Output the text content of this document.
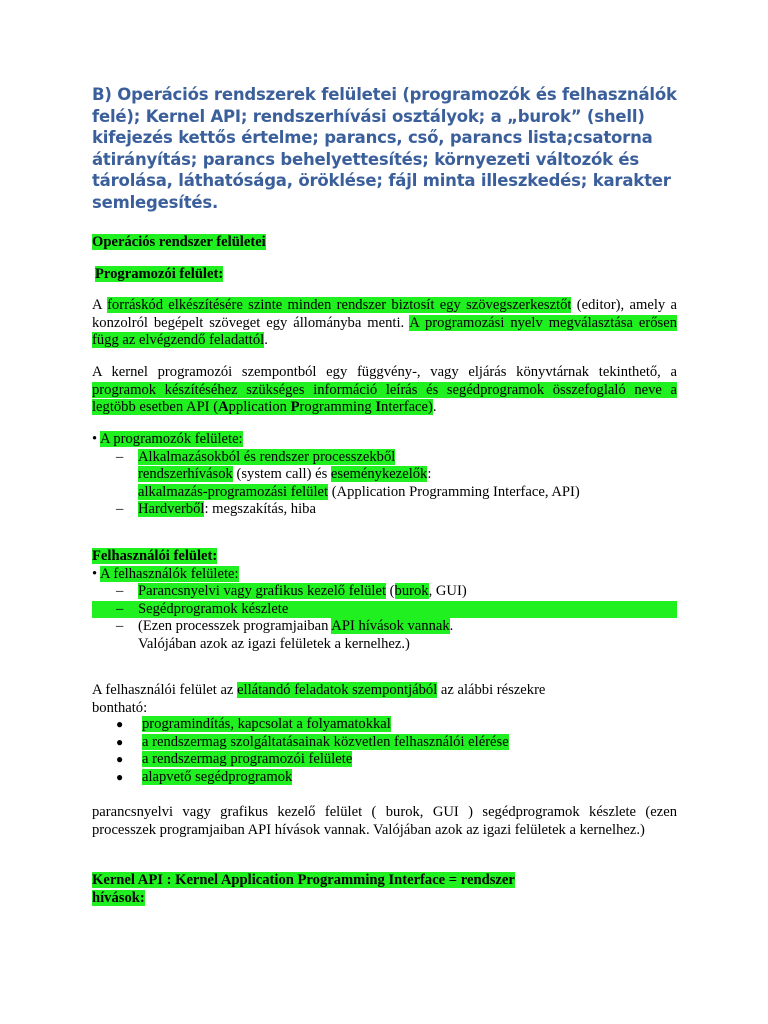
B) Operációs rendszerek felületei (programozók és felhasználók felé); Kernel API; rendszerhívási osztályok; a „burok” (shell) kifejezés kettős értelme; parancs, cső, parancs lista;csatorna átirányítás; parancs behelyettesítés; környezeti változók és tárolása, láthatósága, öröklése; fájl minta illeszkedés; karakter semlegesítés.
Operációs rendszer felületei
Programozói felület:
A forráskód elkészítésére szinte minden rendszer biztosít egy szövegszerkesztőt (editor), amely a konzolról begépelt szöveget egy állományba menti. A programozási nyelv megválasztása erősen függ az elvégzendő feladattól.
A kernel programozói szempontból egy függvény-, vagy eljárás könyvtárnak tekinthető, a programok készítéséhez szükséges információ leírás és segédprogramok összefoglaló neve a legtöbb esetben API (Application Programming Interface).
• A programozók felülete:
– Alkalmazásokból és rendszer processzekből
rendszerhívások (system call) és eseménykezelők:
alkalmazás-programozási felület (Application Programming Interface, API)
– Hardverből: megszakítás, hiba
Felhasználói felület:
• A felhasználók felülete:
– Parancsnyelvi vagy grafikus kezelő felület (burok, GUI)
– Segédprogramok készlete
– (Ezen processzek programjaiban API hívások vannak. Valójában azok az igazi felületek a kernelhez.)
A felhasználói felület az ellátandó feladatok szempontjából az alábbi részekre bontható:
● programindítás, kapcsolat a folyamatokkal
● a rendszermag szolgáltatásainak közvetlen felhasználói elérése
● a rendszermag programozói felülete
● alapvető segédprogramok
parancsnyelvi vagy grafikus kezelő felület ( burok, GUI ) segédprogramok készlete (ezen processzek programjaiban API hívások vannak. Valójában azok az igazi felületek a kernelhez.)
Kernel API : Kernel Application Programming Interface = rendszer
hívások:
